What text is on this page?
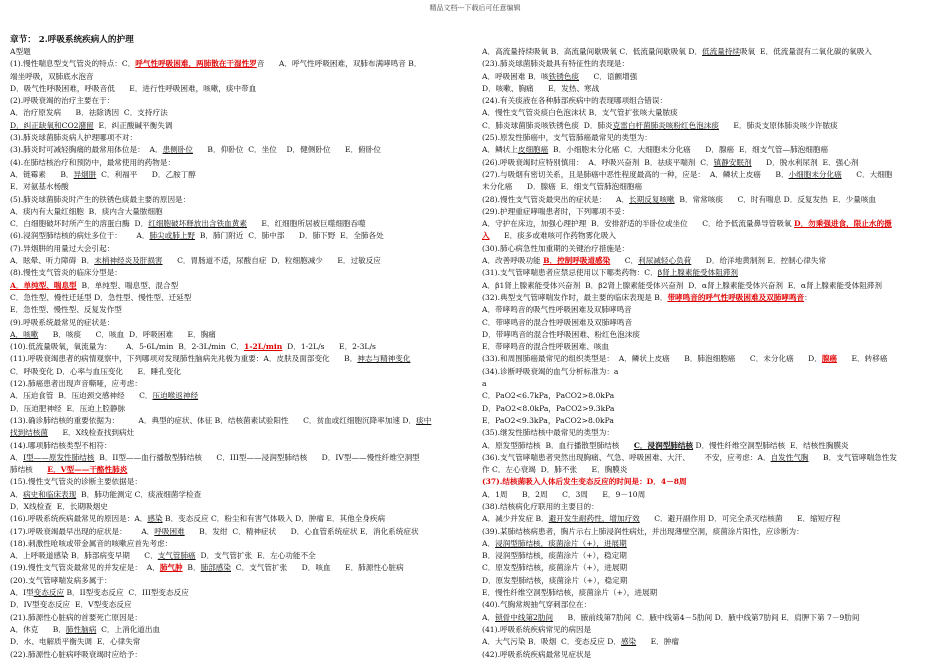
精品文档---下载后可任意编辑
章节： 2.呼吸系统疾病人的护理
A型题
(1).慢性喘息型支气管炎的特点：C．呼气性呼吸困难，两肺散在干湿性罗音      A．呼气性呼吸困难，双肺布满哮鸣音 B．
端坐呼吸，双肺底水泡音
D．吸气性呼吸困难，呼吸音低      E．进行性呼吸困难，咳嗽，痰中带血
(2).呼吸衰竭的治疗主要在于：
A．治疗原发病      B．祛除诱因  C．支持疗法
D．纠正缺氧和CO2潴留  E．纠正酸碱平衡失调
(3).肺炎球菌肺炎病人护理哪项不对：
(3).肺炎时可减轻胸痛的最常用体位是：  A．患侧卧位      B．仰卧位  C．坐位    D．健侧卧位      E．俯卧位
(4).在肺结核治疗和预防中，最常使用的药物是：
A．链霉素      B．异烟肼  C．利福平      D．乙胺丁醇
E．对氨基水杨酸
(5).肺炎球菌肺炎时产生的铁锈色痰最主要的原因是：
A．痰内有大量红细胞  B．痰内含大量脓细胞
C．白细胞破坏时所产生的溶蛋白酶  D．红细胞破坏释放出含铁血黄素      E．红细胞所居被巨噬细胞吞噬
(6).浸润型肺结核的病灶多位于：      A．肺尖或肺上野  B．肺门附近  C．肺中部      D．肺下野  E．全肺各处
(7).异烟肼的用量过大会引起：
A．眩晕、听力障碍  B．末梢神经炎及肝损害      C．胃肠道不适，尿酸自症  D．粒细胞减少      E．过敏反应
(8).慢性支气管炎的临床分型是：
A．单纯型、喘息型  B．单纯型、喘息型、混合型
C．急性型、慢性迁延型 D．急性型、慢性型、迁延型
E．急性型、慢性型、反复发作型
(9).呼吸系统最常见的症状是：
A．咳嗽      B．咳痰      C．咳血  D．呼吸困难      E．胸痛
(10).低流量吸氧，氧流量为：      A．5-6L/min  B．2-3L/min  C．1-2L/min  D．1-2L/s      E．2-3L/s
(11).呼吸衰竭患者的病情观察中，下列哪项对发现肺性脑病先兆极为重要：A．皮肤及面部变化      B．神志与精神变化
C．呼吸变化 D．心率与血压变化      E．睡孔变化
(12).肺癌患者出现声音嘶哑，应考虑：
A．压迫食管  B．压迫颈交感神经      C．压迫喉返神经
D．压迫肥神经  E．压迫上腔静脉
(13).确诊肺结核的重要依据为：        A．典型的症状、体征 B．结核菌素试验阳性      C．贫血或红细胞沉降率加速 D．痰中
找到结核菌      E．X线检查找到病灶
(14).哪项肺结核类型不相符：
A．I型——原发性肺结核  B．II型——血行播散型肺结核      C．III型——浸润型肺结核      D．IV型——慢性纤维空洞型
肺结核      E．V型——干酪性肺炎
(15).慢性支气管炎的诊断主要依据是：
A．病史和临床表现  B．肺功能测定 C．痰液细菌学检查
D．X线检查  E．长期吸烟史
(16).呼吸系统疾病最常见的原因是：A．感染 B．变态反应 C．粉尘和有害气体吸入 D．肿瘤 E．其他全身疾病
(17).呼吸衰竭最早出现的症状是：      A．呼吸困难      B．发绀  C．精神症状      D．心血管系统症状 E．消化系统症状
(18).刺激性呛咳或带金属音的咳嗽应首先考虑：
A．上呼吸道感染 B．肺部病变早期      C．支气管肺癌  D．支气管扩张  E．左心功能不全
(19).慢性支气管炎最常见的并发症是：  A．肺气肿  B．肺部感染  C．支气管扩张      D．咳血      E．肺源性心脏病
(20).支气管哮喘发病多属于：
A．I型变态反应 B．II型变态反应  C．III型变态反应
D．IV型变态反应  E．V型变态反应
(21).肺源性心脏病的首要死亡原因是：
A．休克      B．肺性脑病  C．上消化道出血
D．水、电解质平衡失调  E．心律失常
(22).肺源性心脏病呼吸衰竭时应给予：
A．高流量持续吸氧 B．高流量间歇吸氧 C．低流量间歇吸氧 D．低流量持续吸氧  E．低流量混有二氧化碳的氧吸入
(23).肺炎球菌肺炎最具有特征性的表现是：
A．呼吸困难 B．咳铁锈色痰      C．语颤增强
D．咳嗽、胸痛      E．发热、寒战
(24).有关痰液在各种肺部疾病中的表现哪项组合错误：
A．慢性支气管炎痰白色泡沫状 B．支气管扩张咳大量脓痰
C．肺炎球菌肺炎咳铁锈色痰  D．肺炎克雷白杆菌肺炎咳粉红色泡沫痰      E．肺炎支原体肺炎咳少许脓痰
(25).原发性肺癌中，支气管肺癌最常见的类型为：
A．鳞状上皮细胞癌  B．小细胞未分化癌  C．大细胞未分化癌      D．腺癌  E．细支气管—肺泡细胞癌
(26).呼吸衰竭时应特别慎用：  A．呼吸兴奋剂  B．祛痰平喘剂  C．镇静安眠剂      D．脱水利尿剂  E．强心剂
(27).与吸烟有密切关系，且是肺癌中恶性程度最高的一种，应是：  A．鳞状上皮癌      B．小细胞未分化癌      C．大细胞
未分化癌      D．腺癌  E．细支气管肺泡细胞癌
(28).慢性支气管炎最突出的症状是：    A．长期反复咳嗽  B．常常咳痰      C．时有喘息 D．反复发热  E．少量咳血
(29).护理重症哮喘患者时，下列哪项不妥：
A．守护在床边，加强心理护理  B．安排舒适的半卧位或坐位      C．给予低流量鼻导管吸氧 D．勿乘强进食，限止水的摄
入      E．痰多或难咳可作药物雾化吸入
(30).肺心病急性加重期的关键治疗措施是：
A．改善呼吸功能 B．控制呼吸道感染      C．利尿减轻心负荷      D．给洋地黄制剂 E．控制心律失常
(31).支气管哮喘患者应禁忌使用以下哪类药物：C．β肾上腺素能受体阻滞剂
A．β1肾上腺素能受体兴奋剂  B．β2肾上腺素能受体兴奋剂  D．α肾上腺素能受体兴奋剂  E．α肾上腺素能受体阻滞剂
(32).典型支气管哮喘发作时，最主要的临床表现是 B．带哮鸣音的呼气性呼吸困难及双肺哮鸣音：
A．带哮鸣音的吸气性呼吸困难及双肺哮鸣音
C．带哮鸣音的混合性呼吸困难及双肺哮鸣音
D．带哮鸣音的混合性呼吸困难、粉红色泡沫痰
E．带哮鸣音的混合性呼吸困难、咳血
(33).和周围肺癌最常见的组织类型是：  A．鳞状上皮癌      B．肺泡细胞癌      C．未分化癌      D．腺癌      E．转移癌
(34).诊断呼吸衰竭的血气分析标准为：a
a
C．PaO2<6.7kPa，PaCO2>8.0kPa
D．PaO2<8.0kPa，PaCO2>9.3kPa
E．PaO2<9.3kPa，PaCO2>8.0kPa
(35).继发性肺结核中最常见的类型为：
A．原发型肺结核  B．血行播散型肺结核      C．浸润型肺结核 D．慢性纤维空洞型肺结核  E．结核性胸膜炎
(36).支气管哮喘患者突然出现胸痛、气急、呼吸困难、大汗、      不安，应考虑：A．自发性气胸      B．支气管哮喘急性发
作 C．左心衰竭  D．肺不张      E．胸膜炎
(37).结核菌吸入人体后发生变态反应的时间是：D．4－8周
A．1周      B．2周      C．3周      E．9－10周
(38).结核病化疗联用的主要目的：
A．减少并发症 B．避开发生耐药性，增加疗效      C．避开副作用 D．可完全杀灭结核菌      E．缩短疗程
(39).某肺结核病患者，胸片示右上肺浸润性病灶，并出现薄壁空洞，痰菌涂片阳性，应诊断为：
A．浸润型肺结核，痰菌涂片（+），进展期
B．浸润型肺结核，痰菌涂片（+），稳定期
C．原发型肺结核，痰菌涂片（+），进展期
D．原发型肺结核，痰菌涂片（+），稳定期
E．慢性纤维空洞型肺结核，痰菌涂片（+），进展期
(40).气胸常规抽气穿刺部位在：
A．锁骨中线第2肋间      B．腋前线第7肋间  C．腋中线第4－5肋间 D．腋中线第7肋间 E．肩胛下第 7－9肋间
(41).呼吸系统疾病常见的病因是
A．大气污染 B．吸烟  C．变态反应 D．感染      E．肿瘤
(42).呼吸系统疾病最常见症状是
